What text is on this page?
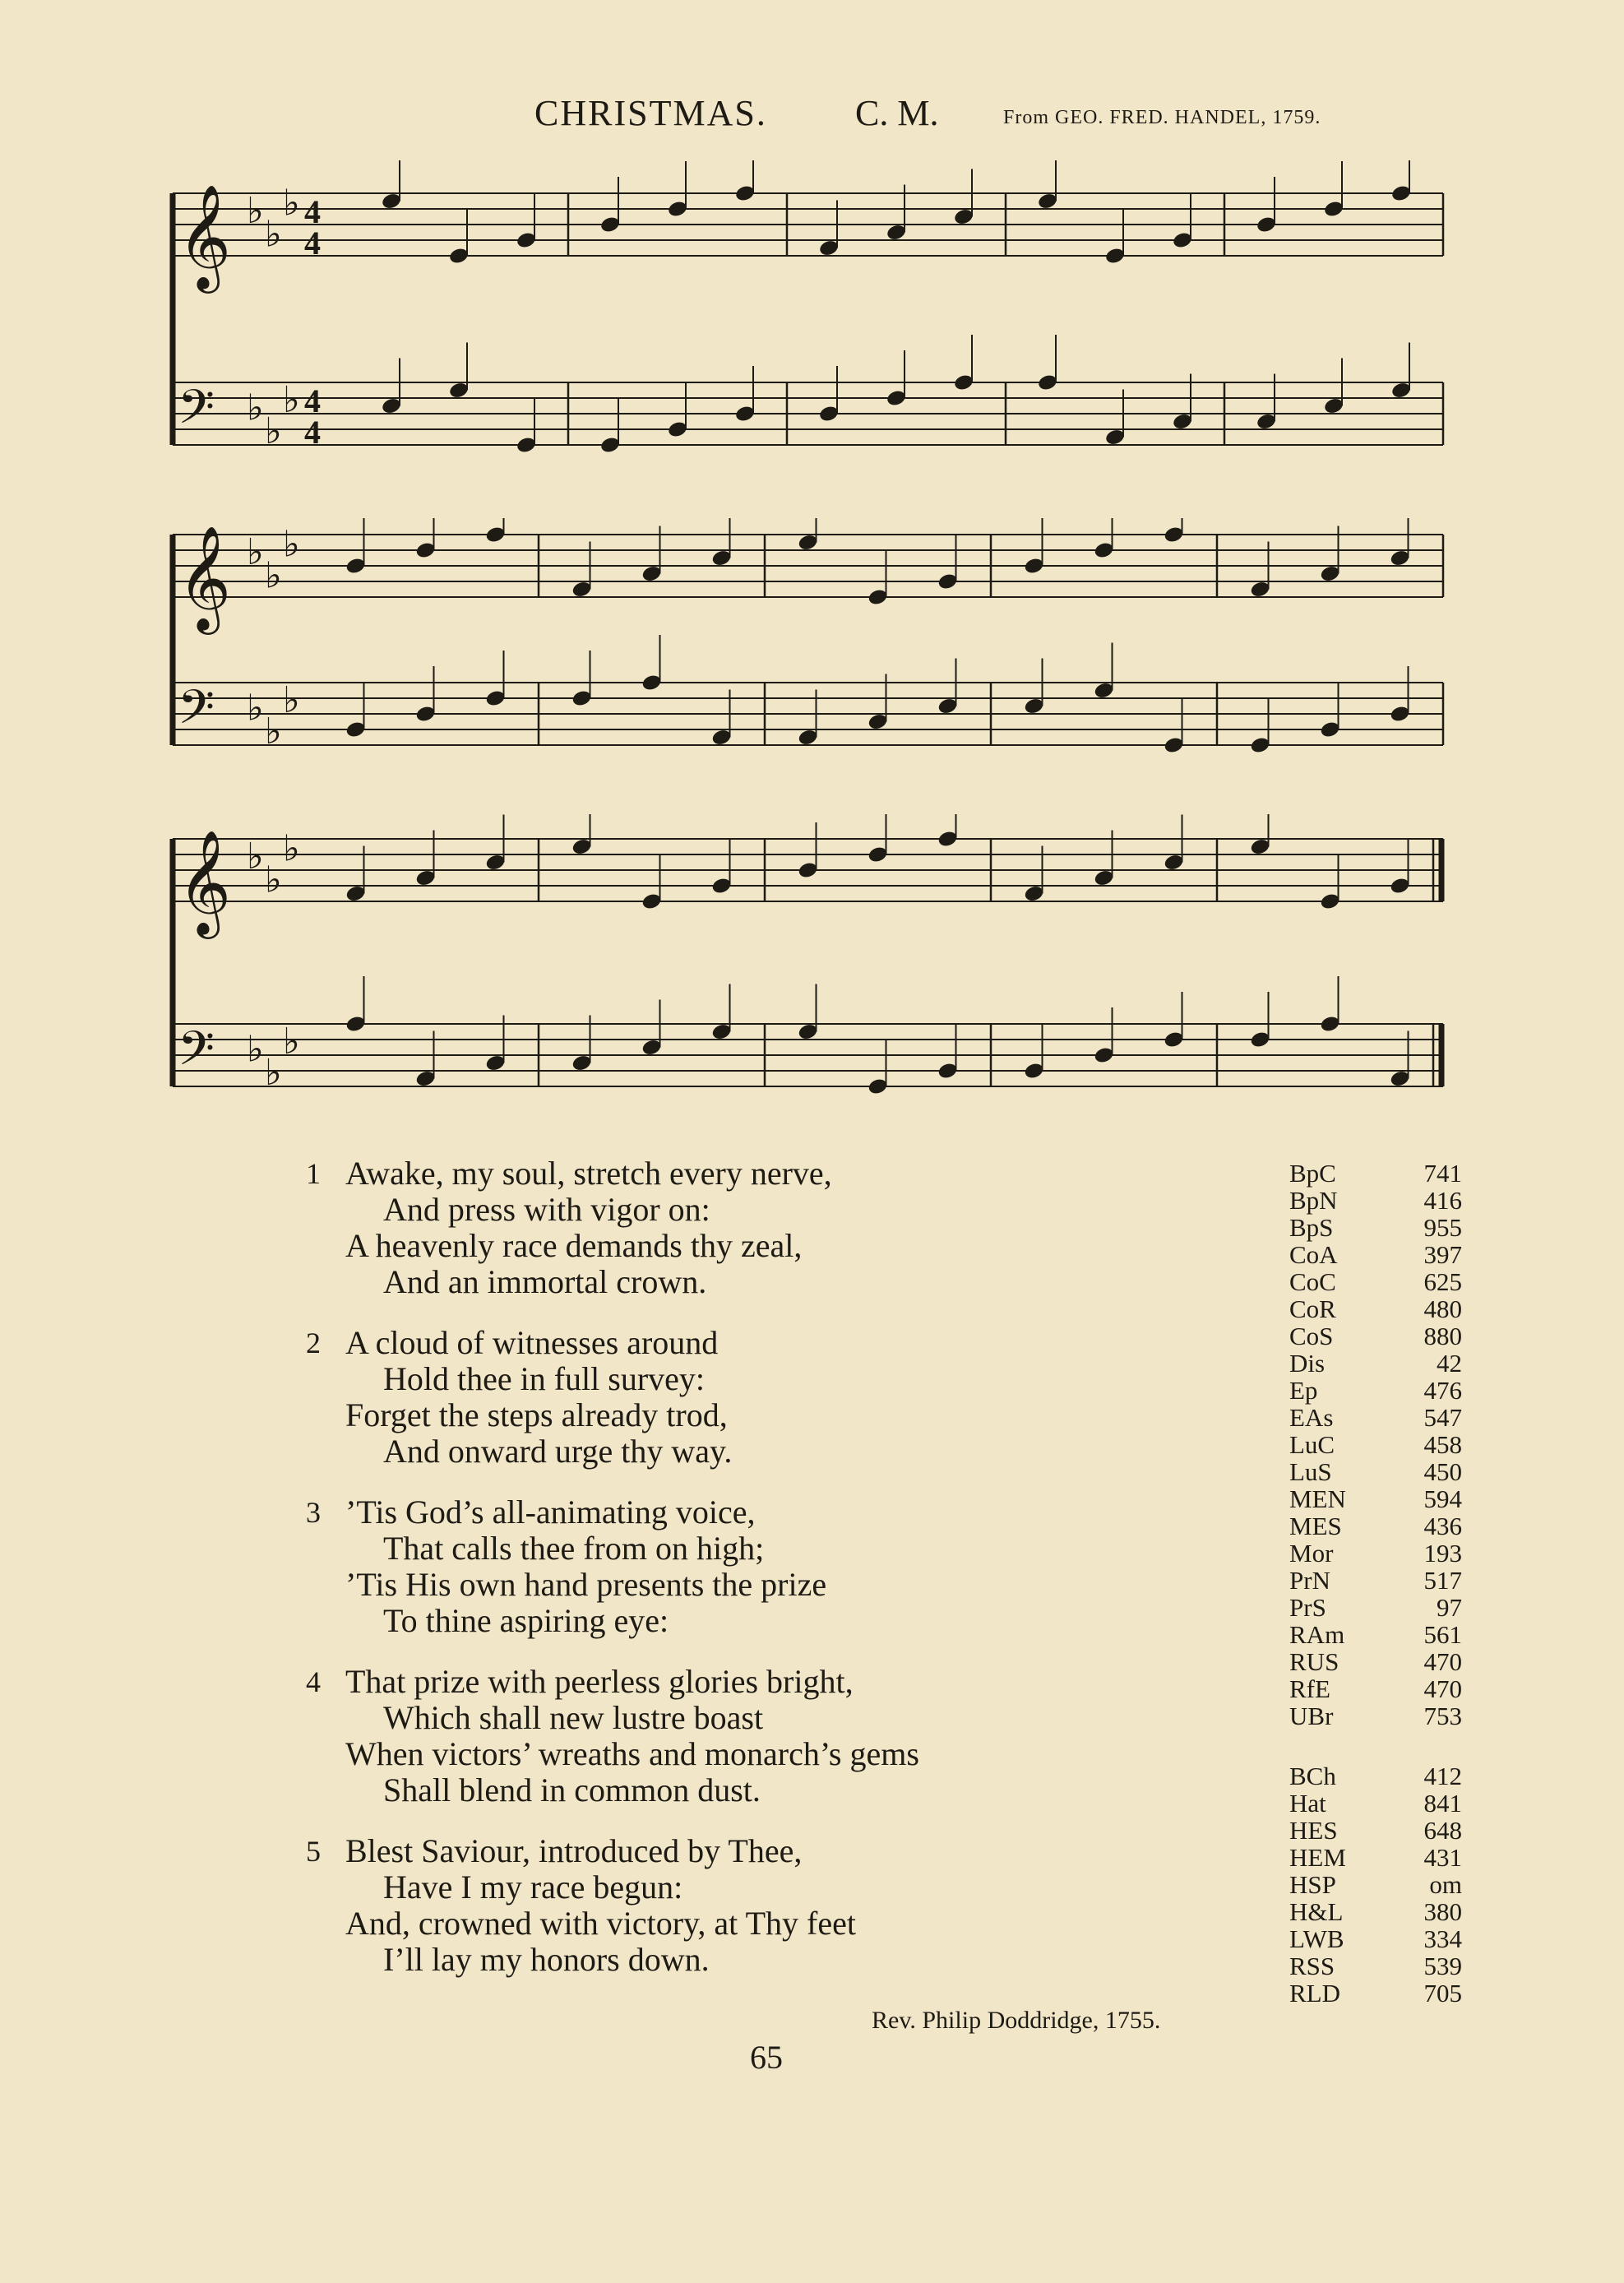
CHRISTMAS. C. M.	From GEO. FRED. HANDEL, 1759.
𝄞 ♭
♭
♭
𝄢 ♭
♭
♭
4
4
4
4
𝄞 ♭
♭
♭
𝄢 ♭
♭
♭
𝄞 ♭
♭
♭
𝄢 ♭
♭
♭
1 Awake, my soul, stretch every nerve,
And press with vigor on:
A heavenly race demands thy zeal,
And an immortal crown.
2 A cloud of witnesses around
Hold thee in full survey:
Forget the steps already trod,
And onward urge thy way.
3 ’Tis God’s all-animating voice,
That calls thee from on high;
’Tis His own hand presents the prize
To thine aspiring eye:
4 That prize with peerless glories bright,
Which shall new lustre boast
When victors’ wreaths and monarch’s gems
Shall blend in common dust.
5 Blest Saviour, introduced by Thee,
Have I my race begun:
And, crowned with victory, at Thy feet
I’ll lay my honors down.
Rev. Philip Doddridge, 1755.
65
BpC	741
BpN	416
BpS	955
CoA	397
CoC	625
CoR	480
CoS	880
Dis	42
Ep	476
EAs	547
LuC	458
LuS	450
MEN	594
MES	436
Mor	193
PrN	517
PrS	97
RAm	561
RUS	470
RfE	470
UBr	753
BCh	412
Hat	841
HES	648
HEM	431
HSP	om
H&L	380
LWB	334
RSS	539
RLD	705
